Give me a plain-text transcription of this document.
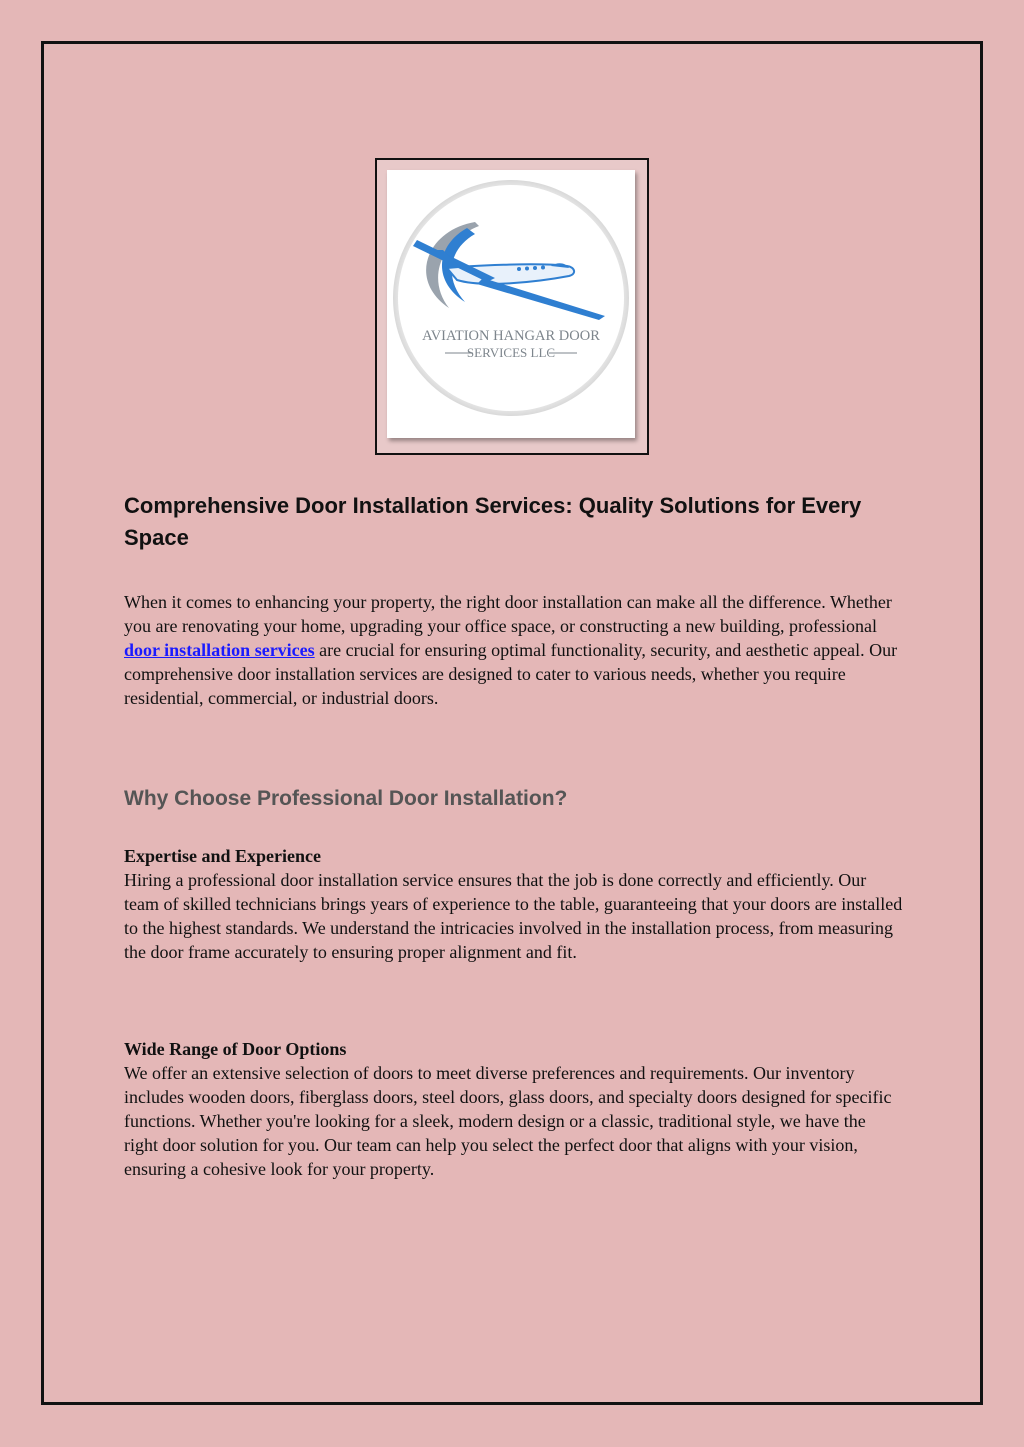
AVIATION HANGAR DOOR
SERVICES LLC
Comprehensive Door Installation Services: Quality Solutions for Every Space

When it comes to enhancing your property, the right door installation can make all the difference. Whether you are renovating your home, upgrading your office space, or constructing a new building, professional door installation services are crucial for ensuring optimal functionality, security, and aesthetic appeal. Our comprehensive door installation services are designed to cater to various needs, whether you require residential, commercial, or industrial doors.

Why Choose Professional Door Installation?

Expertise and Experience

Hiring a professional door installation service ensures that the job is done correctly and efficiently. Our team of skilled technicians brings years of experience to the table, guaranteeing that your doors are installed to the highest standards. We understand the intricacies involved in the installation process, from measuring the door frame accurately to ensuring proper alignment and fit.

Wide Range of Door Options

We offer an extensive selection of doors to meet diverse preferences and requirements. Our inventory includes wooden doors, fiberglass doors, steel doors, glass doors, and specialty doors designed for specific functions. Whether you're looking for a sleek, modern design or a classic, traditional style, we have the right door solution for you. Our team can help you select the perfect door that aligns with your vision, ensuring a cohesive look for your property.
